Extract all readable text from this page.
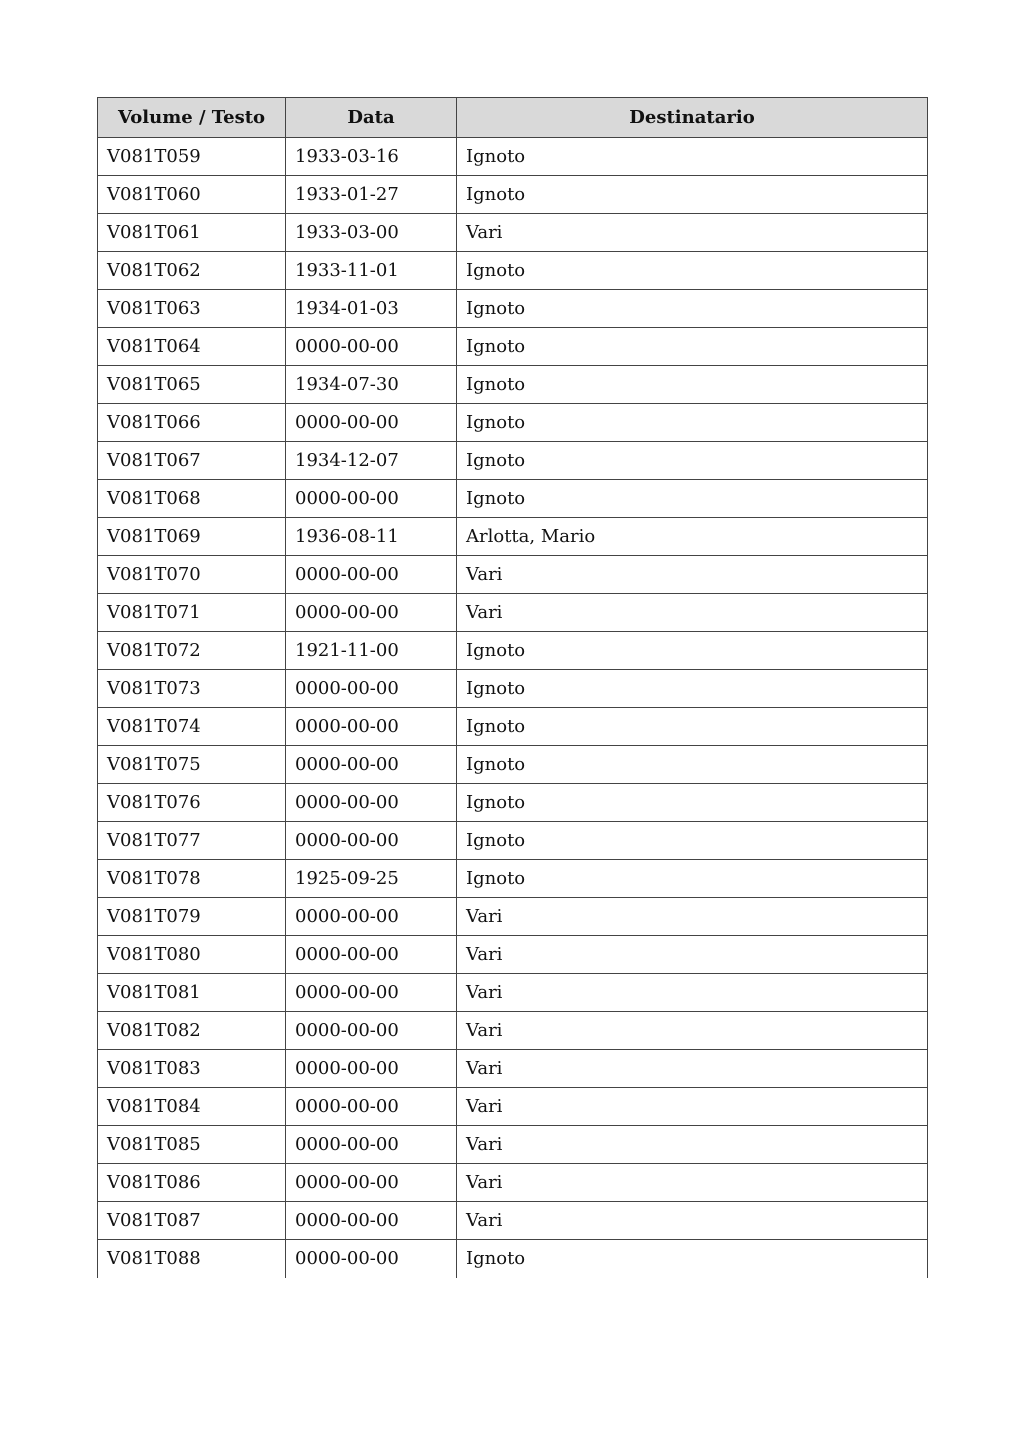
Volume / Testo	Data	Destinatario
V081T059	1933-03-16	Ignoto
V081T060	1933-01-27	Ignoto
V081T061	1933-03-00	Vari
V081T062	1933-11-01	Ignoto
V081T063	1934-01-03	Ignoto
V081T064	0000-00-00	Ignoto
V081T065	1934-07-30	Ignoto
V081T066	0000-00-00	Ignoto
V081T067	1934-12-07	Ignoto
V081T068	0000-00-00	Ignoto
V081T069	1936-08-11	Arlotta, Mario
V081T070	0000-00-00	Vari
V081T071	0000-00-00	Vari
V081T072	1921-11-00	Ignoto
V081T073	0000-00-00	Ignoto
V081T074	0000-00-00	Ignoto
V081T075	0000-00-00	Ignoto
V081T076	0000-00-00	Ignoto
V081T077	0000-00-00	Ignoto
V081T078	1925-09-25	Ignoto
V081T079	0000-00-00	Vari
V081T080	0000-00-00	Vari
V081T081	0000-00-00	Vari
V081T082	0000-00-00	Vari
V081T083	0000-00-00	Vari
V081T084	0000-00-00	Vari
V081T085	0000-00-00	Vari
V081T086	0000-00-00	Vari
V081T087	0000-00-00	Vari
V081T088	0000-00-00	Ignoto
